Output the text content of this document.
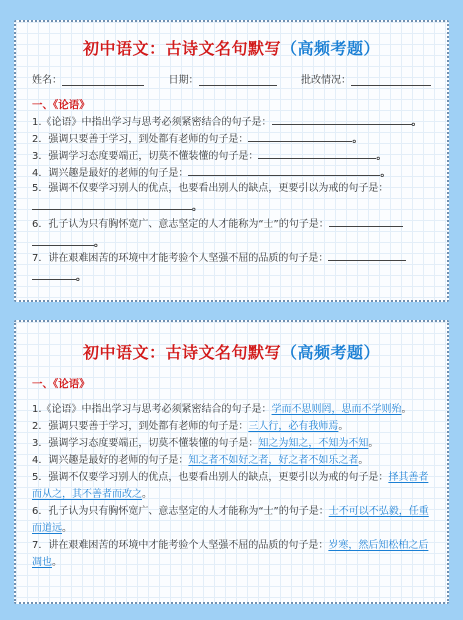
初中语文：古诗文名句默写（高频考题）
姓名：	日期：	批改情况：
一、《论语》
1.《论语》中指出学习与思考必须紧密结合的句子是：	。
2．强调只要善于学习，到处都有老师的句子是：	。
3．强调学习态度要端正，切莫不懂装懂的句子是：	。
4．调兴趣是最好的老师的句子是：	。
5．强调不仅要学习别人的优点，也要看出别人的缺点，更要引以为戒的句子是：
。
6．孔子认为只有胸怀宽广、意志坚定的人才能称为“士”的句子是：
。
7．讲在艰难困苦的环境中才能考验个人坚强不屈的品质的句子是：
。
初中语文：古诗文名句默写（高频考题）
一、《论语》
1.《论语》中指出学习与思考必须紧密结合的句子是：学而不思则罔，思而不学则殆。
2．强调只要善于学习，到处都有老师的句子是：三人行，必有我师焉。
3．强调学习态度要端正，切莫不懂装懂的句子是：知之为知之，不知为不知。
4．调兴趣是最好的老师的句子是：知之者不如好之者，好之者不如乐之者。
5．强调不仅要学习别人的优点，也要看出别人的缺点，更要引以为戒的句子是：择其善者而从之，其不善者而改之。
6．孔子认为只有胸怀宽广、意志坚定的人才能称为“士”的句子是：士不可以不弘毅，任重而道远。
7．讲在艰难困苦的环境中才能考验个人坚强不屈的品质的句子是：岁寒，然后知松柏之后凋也。
